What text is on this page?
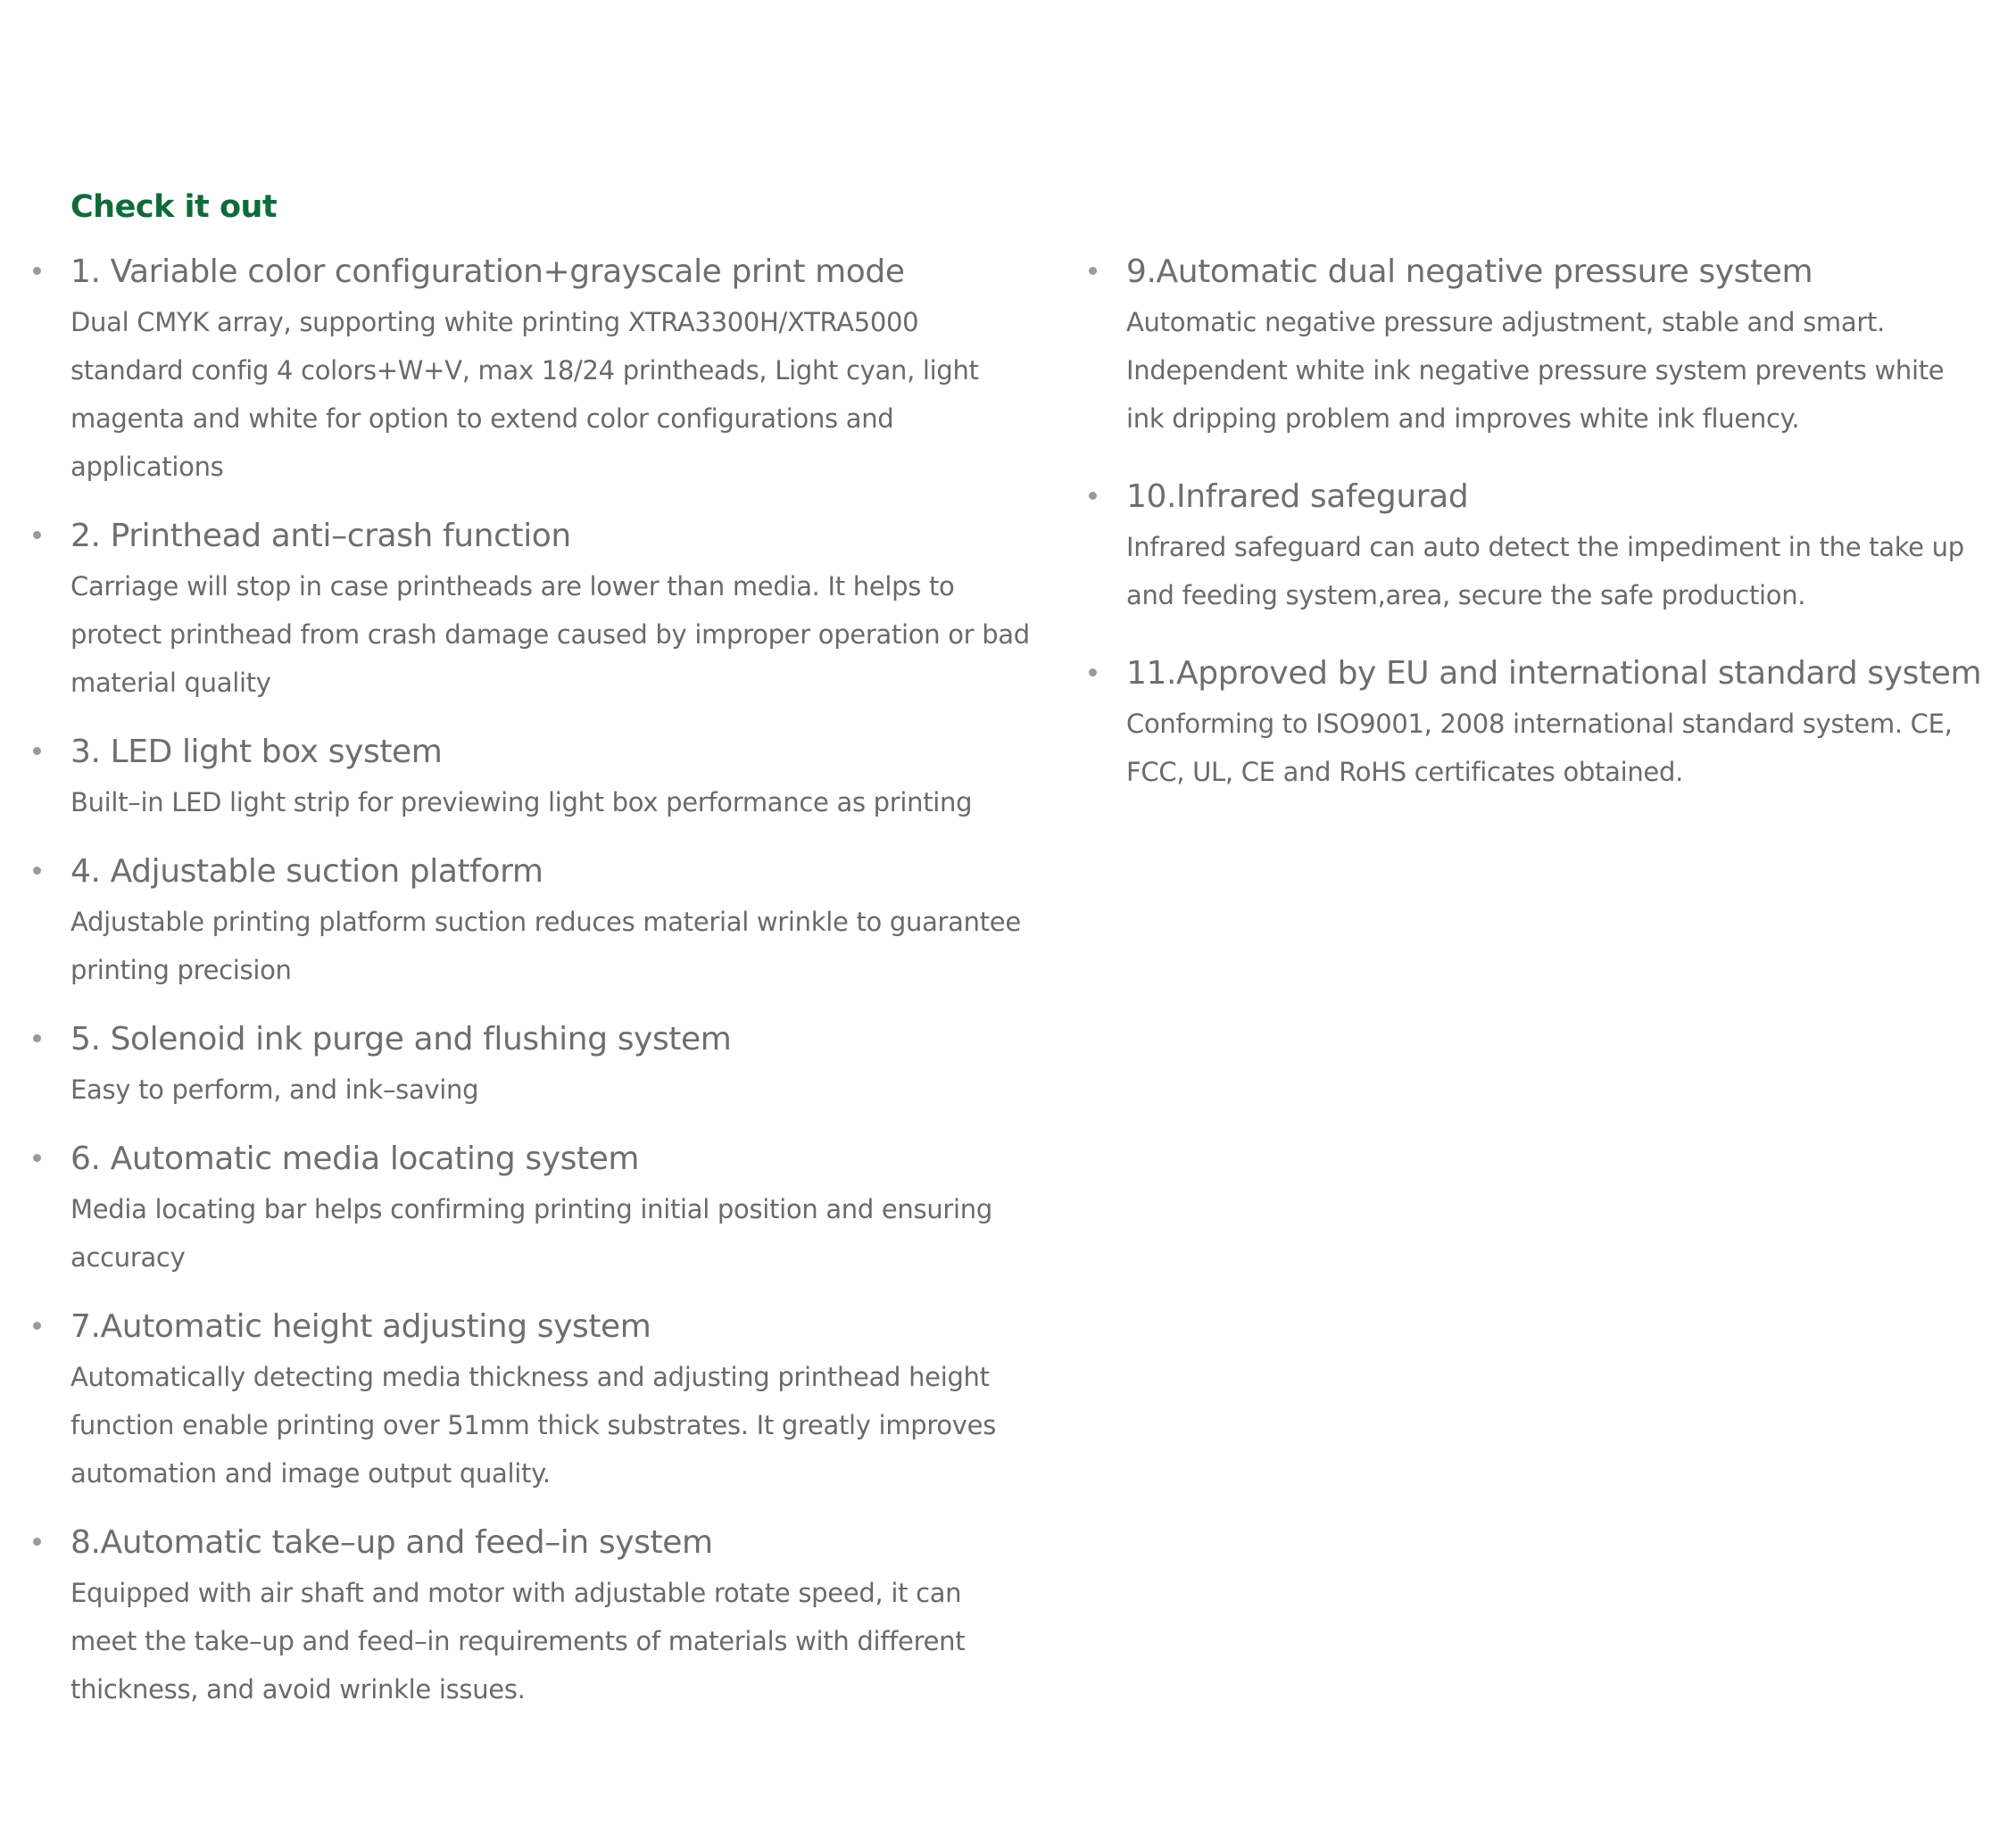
Check it out

1. Variable color configuration+grayscale print mode

Dual CMYK array, supporting white printing XTRA3300H/XTRA5000 standard config 4 colors+W+V, max 18/24 printheads, Light cyan, light magenta and white for option to extend color configurations and applications

2. Printhead anti–crash function

Carriage will stop in case printheads are lower than media. It helps to protect printhead from crash damage caused by improper operation or bad material quality

3. LED light box system

Built–in LED light strip for previewing light box performance as printing

4. Adjustable suction platform

Adjustable printing platform suction reduces material wrinkle to guarantee printing precision

5. Solenoid ink purge and flushing system

Easy to perform, and ink–saving

6. Automatic media locating system

Media locating bar helps confirming printing initial position and ensuring accuracy

7.Automatic height adjusting system

Automatically detecting media thickness and adjusting printhead height function enable printing over 51mm thick substrates. It greatly improves automation and image output quality.

8.Automatic take–up and feed–in system

Equipped with air shaft and motor with adjustable rotate speed, it can meet the take–up and feed–in requirements of materials with different thickness, and avoid wrinkle issues.

9.Automatic dual negative pressure system

Automatic negative pressure adjustment, stable and smart. Independent white ink negative pressure system prevents white ink dripping problem and improves white ink fluency.

10.Infrared safegurad

Infrared safeguard can auto detect the impediment in the take up and feeding system,area, secure the safe production.

11.Approved by EU and international standard system

Conforming to ISO9001, 2008 international standard system. CE, FCC, UL, CE and RoHS certificates obtained.
